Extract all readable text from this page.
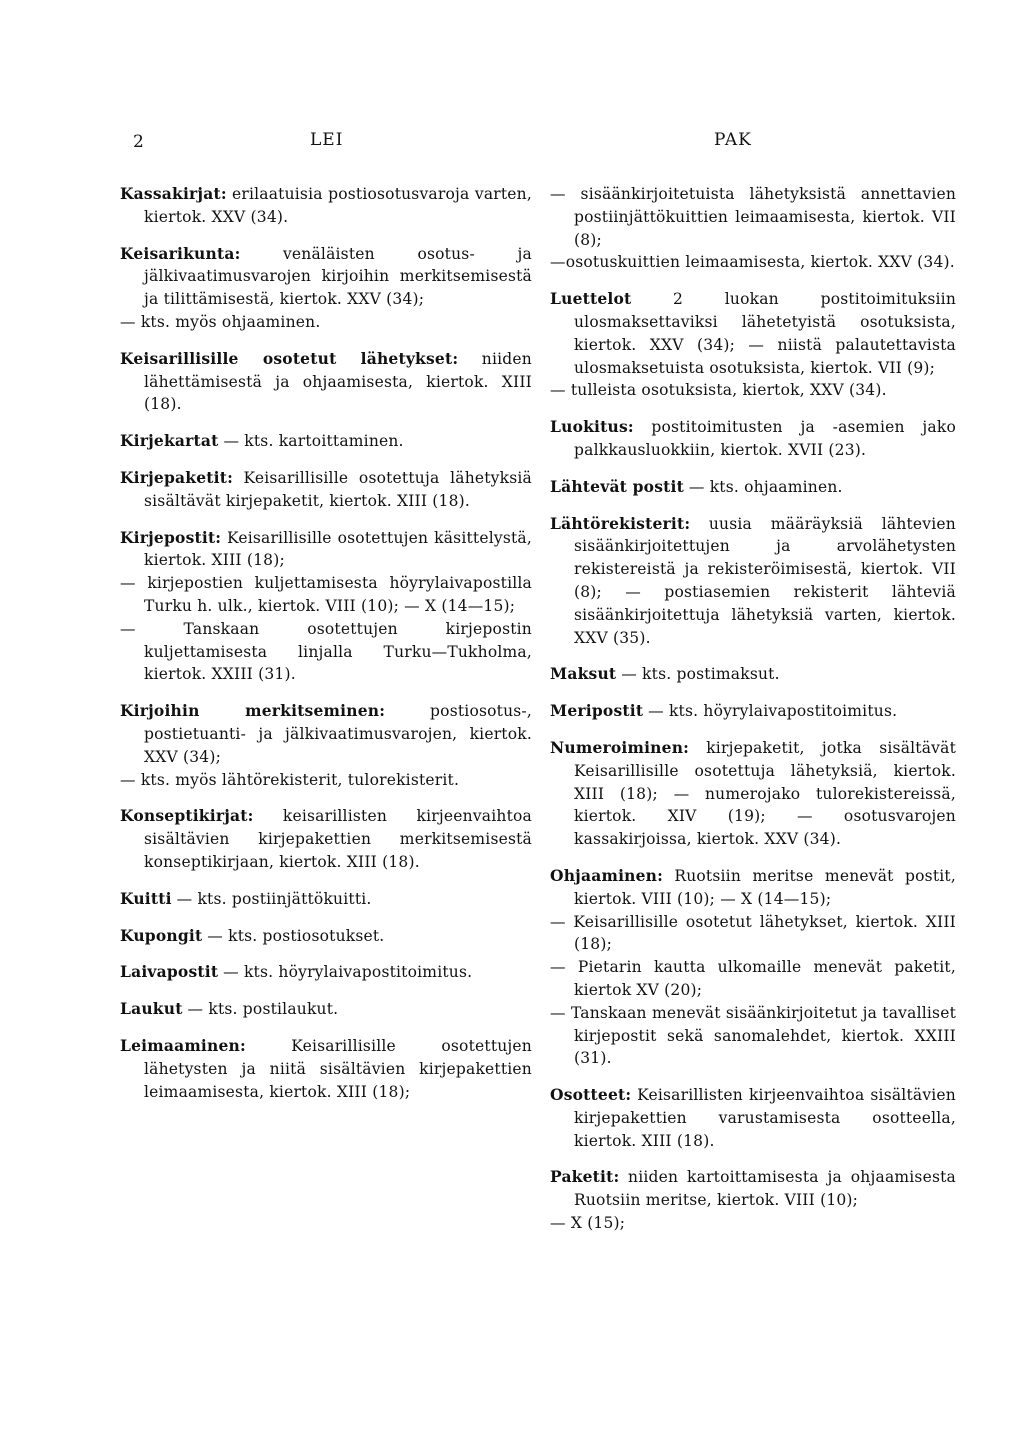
2	LEI	PAK

Kassakirjat: erilaatuisia postiosotusvaroja varten, kiertok. XXV (34).

Keisarikunta:	venäläisten osotus- ja jälkivaatimusvarojen kirjoihin merkitsemisestä ja tilittämisestä, kiertok. XXV (34);
— kts. myös ohjaaminen.

Keisarillisille osotetut lähetykset: niiden lähettämisestä ja ohjaamisesta, kiertok. XIII (18).

Kirjekartat — kts. kartoittaminen.

Kirjepaketit: Keisarillisille osotettuja lähetyksiä sisältävät kirjepaketit, kiertok. XIII (18).

Kirjepostit: Keisarillisille osotettujen käsittelystä, kiertok. XIII (18);
— kirjepostien kuljettamisesta höyrylaivapostilla Turku h. ulk., kiertok. VIII (10); — X (14—15);
— Tanskaan osotettujen kirjepostin kuljettamisesta linjalla Turku—Tukholma, kiertok. XXIII (31).

Kirjoihin merkitseminen:	postiosotus-, postietuanti- ja jälkivaatimusvarojen, kiertok. XXV (34);
— kts. myös lähtörekisterit, tulorekisterit.

Konseptikirjat: keisarillisten kirjeenvaihtoa sisältävien kirjepakettien merkitsemisestä konseptikirjaan, kiertok. XIII (18).

Kuitti — kts. postiinjättökuitti.

Kupongit — kts. postiosotukset.

Laivapostit — kts. höyrylaivapostitoimitus.

Laukut — kts. postilaukut.

Leimaaminen:	Keisarillisille osotettujen lähetysten ja niitä sisältävien kirjepakettien leimaamisesta, kiertok. XIII (18);

— sisäänkirjoitetuista lähetyksistä annettavien postiinjättökuittien leimaamisesta, kiertok. VII (8);
—osotuskuittien leimaamisesta, kiertok. XXV (34).

Luettelot	2 luokan postitoimituksiin ulosmaksettaviksi lähetetyistä osotuksista, kiertok. XXV (34); — niistä palautettavista ulosmaksetuista osotuksista, kiertok. VII (9);
— tulleista osotuksista, kiertok, XXV (34).

Luokitus: postitoimitusten ja -asemien jako palkkausluokkiin, kiertok. XVII (23).

Lähtevät postit — kts. ohjaaminen.

Lähtörekisterit: uusia määräyksiä lähtevien sisäänkirjoitettujen ja arvolähetysten rekistereistä ja rekisteröimisestä, kiertok. VII (8); — postiasemien rekisterit lähteviä sisäänkirjoitettuja lähetyksiä varten, kiertok. XXV (35).

Maksut — kts. postimaksut.

Meripostit — kts. höyrylaivapostitoimitus.

Numeroiminen: kirjepaketit, jotka sisältävät Keisarillisille osotettuja lähetyksiä, kiertok. XIII (18); — numerojako tulorekistereissä, kiertok. XIV (19); — osotusvarojen kassakirjoissa, kiertok. XXV (34).

Ohjaaminen: Ruotsiin meritse menevät postit, kiertok. VIII (10); — X (14—15);
— Keisarillisille osotetut lähetykset, kiertok. XIII (18);
— Pietarin kautta ulkomaille menevät paketit, kiertok XV (20);
— Tanskaan menevät sisäänkirjoitetut ja tavalliset kirjepostit sekä sanomalehdet, kiertok. XXIII (31).

Osotteet: Keisarillisten kirjeenvaihtoa sisältävien kirjepakettien varustamisesta osotteella, kiertok. XIII (18).

Paketit: niiden kartoittamisesta ja ohjaamisesta Ruotsiin meritse, kiertok. VIII (10);
— X (15);
